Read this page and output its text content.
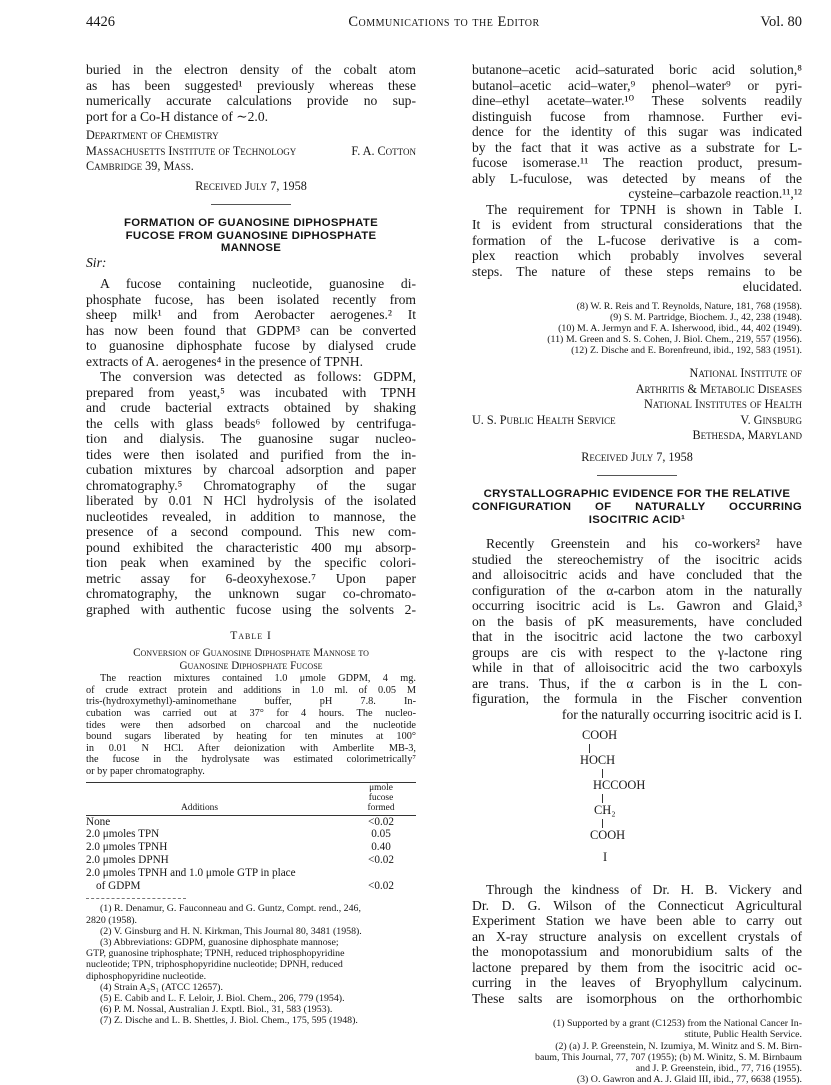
4426	Communications to the Editor	Vol. 80
buried in the electron density of the cobalt atom
as has been suggested¹ previously whereas these
numerically accurate calculations provide no sup-
port for a Co-H distance of ∼2.0.
Department of Chemistry
Massachusetts Institute of Technology	F. A. Cotton
Cambridge 39, Mass.
Received July 7, 1958
FORMATION OF GUANOSINE DIPHOSPHATE
FUCOSE FROM GUANOSINE DIPHOSPHATE
MANNOSE
Sir:
A fucose containing nucleotide, guanosine di-
phosphate fucose, has been isolated recently from
sheep milk¹ and from Aerobacter aerogenes.² It
has now been found that GDPM³ can be converted
to guanosine diphosphate fucose by dialysed crude
extracts of A. aerogenes⁴ in the presence of TPNH.
The conversion was detected as follows: GDPM,
prepared from yeast,⁵ was incubated with TPNH
and crude bacterial extracts obtained by shaking
the cells with glass beads⁶ followed by centrifuga-
tion and dialysis. The guanosine sugar nucleo-
tides were then isolated and purified from the in-
cubation mixtures by charcoal adsorption and paper
chromatography.⁵ Chromatography of the sugar
liberated by 0.01 N HCl hydrolysis of the isolated
nucleotides revealed, in addition to mannose, the
presence of a second compound. This new com-
pound exhibited the characteristic 400 mμ absorp-
tion peak when examined by the specific colori-
metric assay for 6-deoxyhexose.⁷ Upon paper
chromatography, the unknown sugar co-chromato-
graphed with authentic fucose using the solvents 2-
Table I
Conversion of Guanosine Diphosphate Mannose to
Guanosine Diphosphate Fucose
The reaction mixtures contained 1.0 μmole GDPM, 4 mg.
of crude extract protein and additions in 1.0 ml. of 0.05 M
tris-(hydroxymethyl)-aminomethane buffer, pH 7.8. In-
cubation was carried out at 37° for 4 hours. The nucleo-
tides were then adsorbed on charcoal and the nucleotide
bound sugars liberated by heating for ten minutes at 100°
in 0.01 N HCl. After deionization with Amberlite MB-3,
the fucose in the hydrolysate was estimated colorimetrically⁷
or by paper chromatography.
Additions
μmole
fucose
formed
None	<0.02
2.0 μmoles TPN	0.05
2.0 μmoles TPNH	0.40
2.0 μmoles DPNH	<0.02
2.0 μmoles TPNH and 1.0 μmole GTP in place
of GDPM	<0.02
(1) R. Denamur, G. Fauconneau and G. Guntz, Compt. rend., 246,
2820 (1958).
(2) V. Ginsburg and H. N. Kirkman, This Journal 80, 3481 (1958).
(3) Abbreviations: GDPM, guanosine diphosphate mannose;
GTP, guanosine triphosphate; TPNH, reduced triphosphopyridine
nucleotide; TPN, triphosphopyridine nucleotide; DPNH, reduced
diphosphopyridine nucleotide.
(4) Strain A₂S₁ (ATCC 12657).
(5) E. Cabib and L. F. Leloir, J. Biol. Chem., 206, 779 (1954).
(6) P. M. Nossal, Australian J. Exptl. Biol., 31, 583 (1953).
(7) Z. Dische and L. B. Shettles, J. Biol. Chem., 175, 595 (1948).
butanone–acetic acid–saturated boric acid solution,⁸
butanol–acetic acid–water,⁹ phenol–water⁹ or pyri-
dine–ethyl acetate–water.¹⁰ These solvents readily
distinguish fucose from rhamnose. Further evi-
dence for the identity of this sugar was indicated
by the fact that it was active as a substrate for L-
fucose isomerase.¹¹ The reaction product, presum-
ably L-fuculose, was detected by means of the
cysteine–carbazole reaction.¹¹,¹²
The requirement for TPNH is shown in Table I.
It is evident from structural considerations that the
formation of the L-fucose derivative is a com-
plex reaction which probably involves several
steps. The nature of these steps remains to be
elucidated.
(8) W. R. Reis and T. Reynolds, Nature, 181, 768 (1958).
(9) S. M. Partridge, Biochem. J., 42, 238 (1948).
(10) M. A. Jermyn and F. A. Isherwood, ibid., 44, 402 (1949).
(11) M. Green and S. S. Cohen, J. Biol. Chem., 219, 557 (1956).
(12) Z. Dische and E. Borenfreund, ibid., 192, 583 (1951).
National Institute of
Arthritis & Metabolic Diseases
National Institutes of Health
U. S. Public Health Service	V. Ginsburg
Bethesda, Maryland
Received July 7, 1958
CRYSTALLOGRAPHIC EVIDENCE FOR THE RELATIVE
CONFIGURATION OF NATURALLY OCCURRING
ISOCITRIC ACID¹
Recently Greenstein and his co-workers² have
studied the stereochemistry of the isocitric acids
and alloisocitric acids and have concluded that the
configuration of the α-carbon atom in the naturally
occurring isocitric acid is Lₛ. Gawron and Glaid,³
on the basis of pK measurements, have concluded
that in the isocitric acid lactone the two carboxyl
groups are cis with respect to the γ-lactone ring
while in that of alloisocitric acid the two carboxyls
are trans. Thus, if the α carbon is in the L con-
figuration, the formula in the Fischer convention
for the naturally occurring isocitric acid is I.
COOH
HOCH
HCCOOH
CH₂
COOH
I
Through the kindness of Dr. H. B. Vickery and
Dr. D. G. Wilson of the Connecticut Agricultural
Experiment Station we have been able to carry out
an X-ray structure analysis on excellent crystals of
the monopotassium and monorubidium salts of the
lactone prepared by them from the isocitric acid oc-
curring in the leaves of Bryophyllum calycinum.
These salts are isomorphous on the orthorhombic
(1) Supported by a grant (C1253) from the National Cancer In-
stitute, Public Health Service.
(2) (a) J. P. Greenstein, N. Izumiya, M. Winitz and S. M. Birn-
baum, This Journal, 77, 707 (1955); (b) M. Winitz, S. M. Birnbaum
and J. P. Greenstein, ibid., 77, 716 (1955).
(3) O. Gawron and A. J. Glaid III, ibid., 77, 6638 (1955).
